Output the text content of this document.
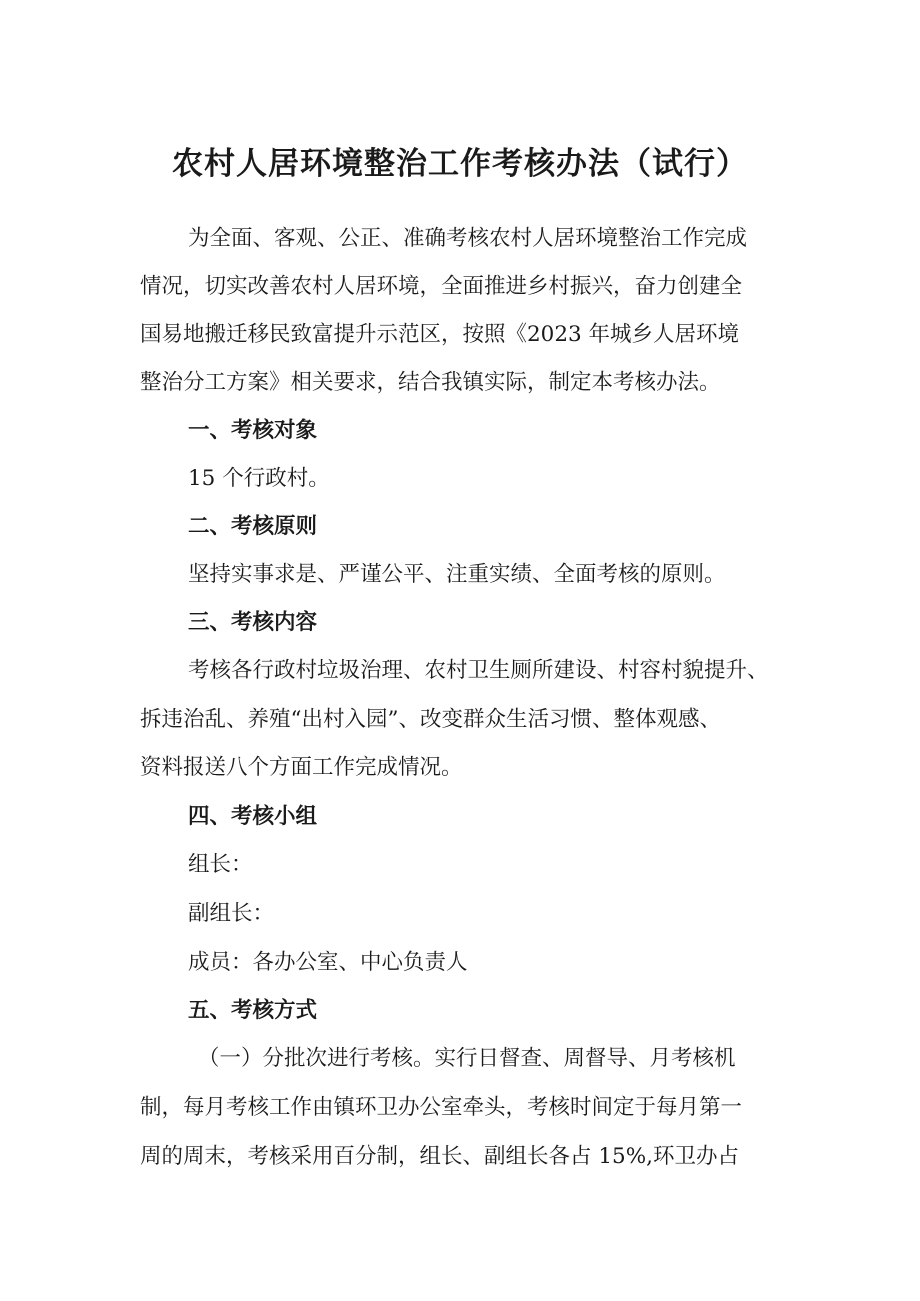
农村人居环境整治工作考核办法（试行）

为全面、客观、公正、准确考核农村人居环境整治工作完成

情况，切实改善农村人居环境，全面推进乡村振兴，奋力创建全

国易地搬迁移民致富提升示范区，按照《2023 年城乡人居环境

整治分工方案》相关要求，结合我镇实际，制定本考核办法。

一、考核对象

15 个行政村。

二、考核原则

坚持实事求是、严谨公平、注重实绩、全面考核的原则。

三、考核内容

考核各行政村垃圾治理、农村卫生厕所建设、村容村貌提升、

拆违治乱、养殖“出村入园”、改变群众生活习惯、整体观感、

资料报送八个方面工作完成情况。

四、考核小组

组长：

副组长：

成员：各办公室、中心负责人

五、考核方式

（一）分批次进行考核。实行日督查、周督导、月考核机

制，每月考核工作由镇环卫办公室牵头，考核时间定于每月第一

周的周末，考核采用百分制，组长、副组长各占 15%,环卫办占
